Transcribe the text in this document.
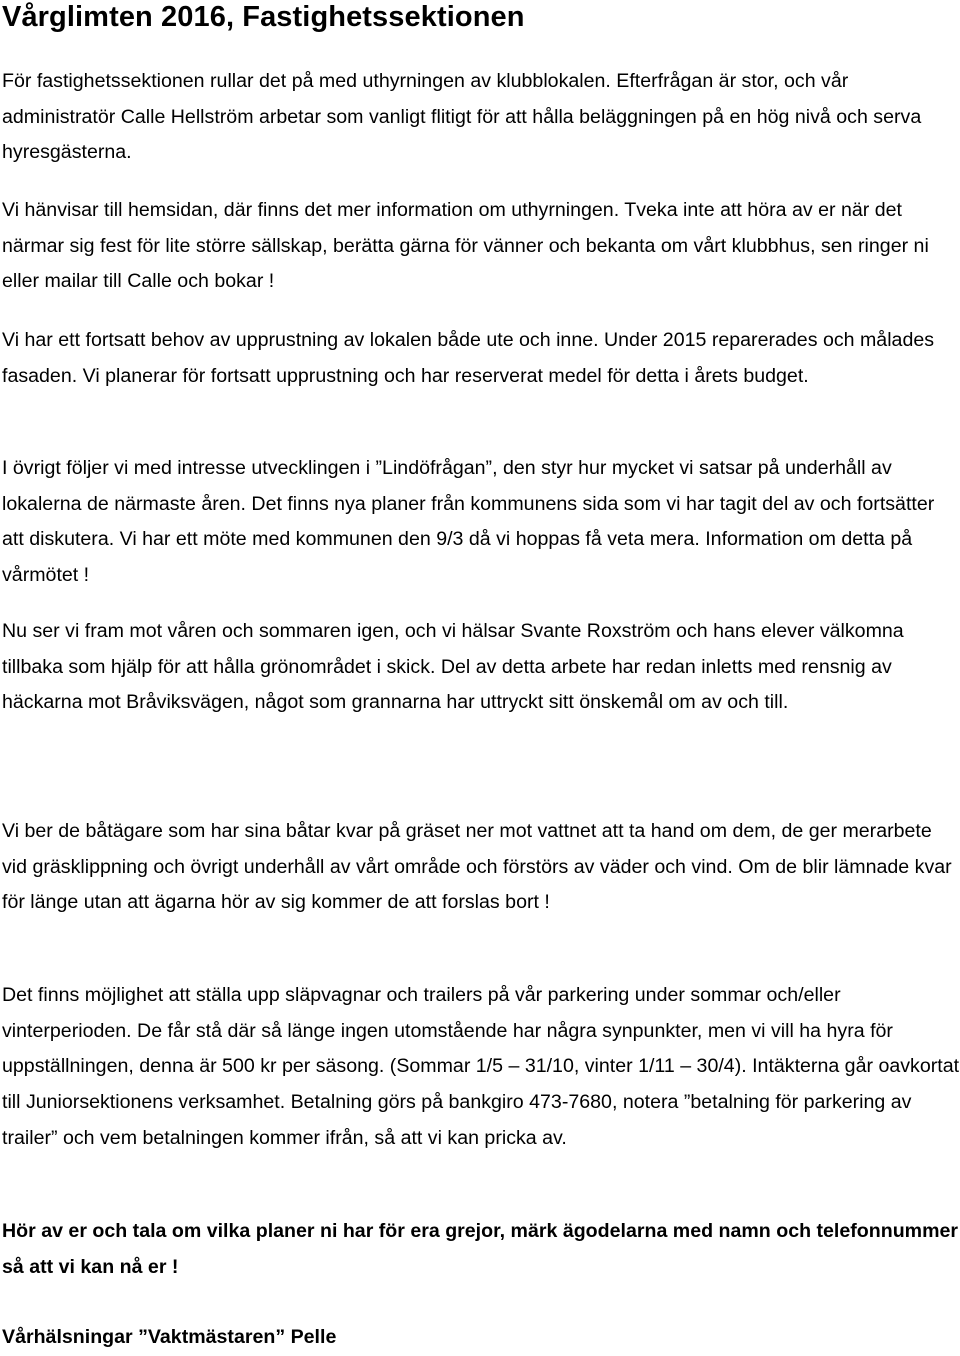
Vårglimten 2016, Fastighetssektionen

För fastighetssektionen rullar det på med uthyrningen av klubblokalen. Efterfrågan är stor, och vår administratör Calle Hellström arbetar som vanligt flitigt för att hålla beläggningen på en hög nivå och serva hyresgästerna.

Vi hänvisar till hemsidan, där finns det mer information om uthyrningen. Tveka inte att höra av er när det närmar sig fest för lite större sällskap, berätta gärna för vänner och bekanta om vårt klubbhus, sen ringer ni eller mailar till Calle och bokar !

Vi har ett fortsatt behov av upprustning av lokalen både ute och inne. Under 2015 reparerades och målades fasaden. Vi planerar för fortsatt upprustning och har reserverat medel för detta i årets budget.

I övrigt följer vi med intresse utvecklingen i ”Lindöfrågan”, den styr hur mycket vi satsar på underhåll av lokalerna de närmaste åren. Det finns nya planer från kommunens sida som vi har tagit del av och fortsätter att diskutera. Vi har ett möte med kommunen den 9/3 då vi hoppas få veta mera. Information om detta på vårmötet !

Nu ser vi fram mot våren och sommaren igen, och vi hälsar Svante Roxström och hans elever välkomna tillbaka som hjälp för att hålla grönområdet i skick. Del av detta arbete har redan inletts med rensnig av häckarna mot Bråviksvägen, något som grannarna har uttryckt sitt önskemål om av och till.

Vi ber de båtägare som har sina båtar kvar på gräset ner mot vattnet att ta hand om dem, de ger merarbete vid gräsklippning och övrigt underhåll av vårt område och förstörs av väder och vind. Om de blir lämnade kvar för länge utan att ägarna hör av sig kommer de att forslas bort !

Det finns möjlighet att ställa upp släpvagnar och trailers på vår parkering under sommar och/eller vinterperioden. De får stå där så länge ingen utomstående har några synpunkter, men vi vill ha hyra för uppställningen, denna är 500 kr per säsong. (Sommar 1/5 – 31/10, vinter 1/11 – 30/4). Intäkterna går oavkortat till Juniorsektionens verksamhet. Betalning görs på bankgiro 473-7680, notera ”betalning för parkering av trailer” och vem betalningen kommer ifrån, så att vi kan pricka av.

Hör av er och tala om vilka planer ni har för era grejor, märk ägodelarna med namn och telefonnummer så att vi kan nå er !

Vårhälsningar ”Vaktmästaren” Pelle
